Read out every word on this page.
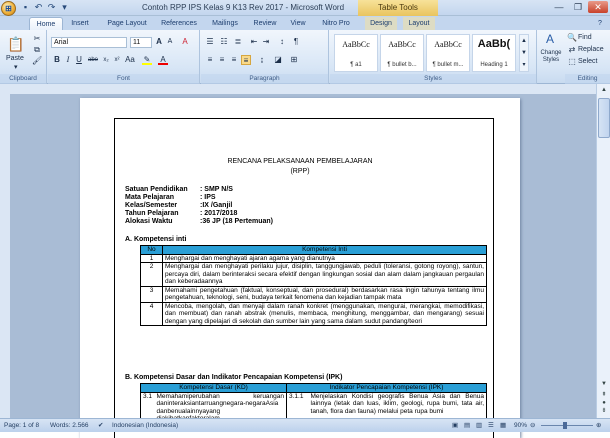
⊞	▪ ↶ ↷ ▾	Contoh RPP IPS Kelas 9 K13 Rev 2017 - Microsoft Word	Table Tools	—	❐	✕
Home	Insert	Page Layout	References	Mailings	Review	View	Nitro Pro	Design	Layout	?
📋
Paste
▾
✂
⧉
🖌
Clipboard
Arial	11	A A	A
B I U	abe x₂ x² Aa ✎ A
Font
☰ ☷ ≣ ⇤ ⇥	↕	¶
≡ ≡ ≡ ≡	↨	◪ ⊞
Paragraph
AaBbCc
¶ a1
AaBbCc
¶ bullet b...
AaBbCc
¶ bullet m...
AaBb(
Heading 1
▲
▼
▾
Styles
A
Change Styles
🔍 Find
⇄ Replace
⬚ Select
Editing
▲
▼
⇞
●
⇟
RENCANA PELAKSANAAN PEMBELAJARAN
(RPP)
Satuan Pendidikan : SMP N/S
Mata Pelajaran	: IPS
Kelas/Semester	:IX /Ganjil
Tahun Pelajaran	: 2017/2018
Alokasi Waktu	:36 JP (18 Pertemuan)
A. Kompetensi inti
No	Kompetensi Inti
1	Menghargai dan menghayati ajaran agama yang dianutnya
2	Menghargai dan menghayati perilaku jujur, disiplin, tanggungjawab, peduli (toleransi, gotong royong), santun, percaya diri, dalam berinteraksi secara efektif dengan lingkungan sosial dan alam dalam jangkauan pergaulan dan keberadaannya
3	Memahami pengetahuan (faktual, konseptual, dan prosedural) berdasarkan rasa ingin tahunya tentang ilmu pengetahuan, teknologi, seni, budaya terkait fenomena dan kejadian tampak mata
4	Mencoba, mengolah, dan menyaji dalam ranah konkret (menggunakan, mengurai, merangkai, memodifikasi, dan membuat) dan ranah abstrak (menulis, membaca, menghitung, menggambar, dan mengarang) sesuai dengan yang dipelajari di sekolah dan sumber lain yang sama dalam sudut pandang/teori
B. Kompetensi Dasar dan Indikator Pencapaian Kompetensi (IPK)
Kompetensi Dasar (KD)		Indikator Pencapaian Kompetensi (IPK)	
3.1	Memahamiperubahan keruangan daninteraksiantarruangnegara-negaraAsia danbenualainnyayang	3.1.1	Menjelaskan Kondisi geografis Benua Asia dan Benua lainnya (letak dan luas, iklim, geologi, rupa bumi, tata air, tanah, flora dan fauna) melalui peta rupa bumi
Page: 1 of 8 Words: 2.566 ✔ Indonesian (Indonesia)	▣ ▤ ▥ ☰ ▦ 90% ⊖	⊕
